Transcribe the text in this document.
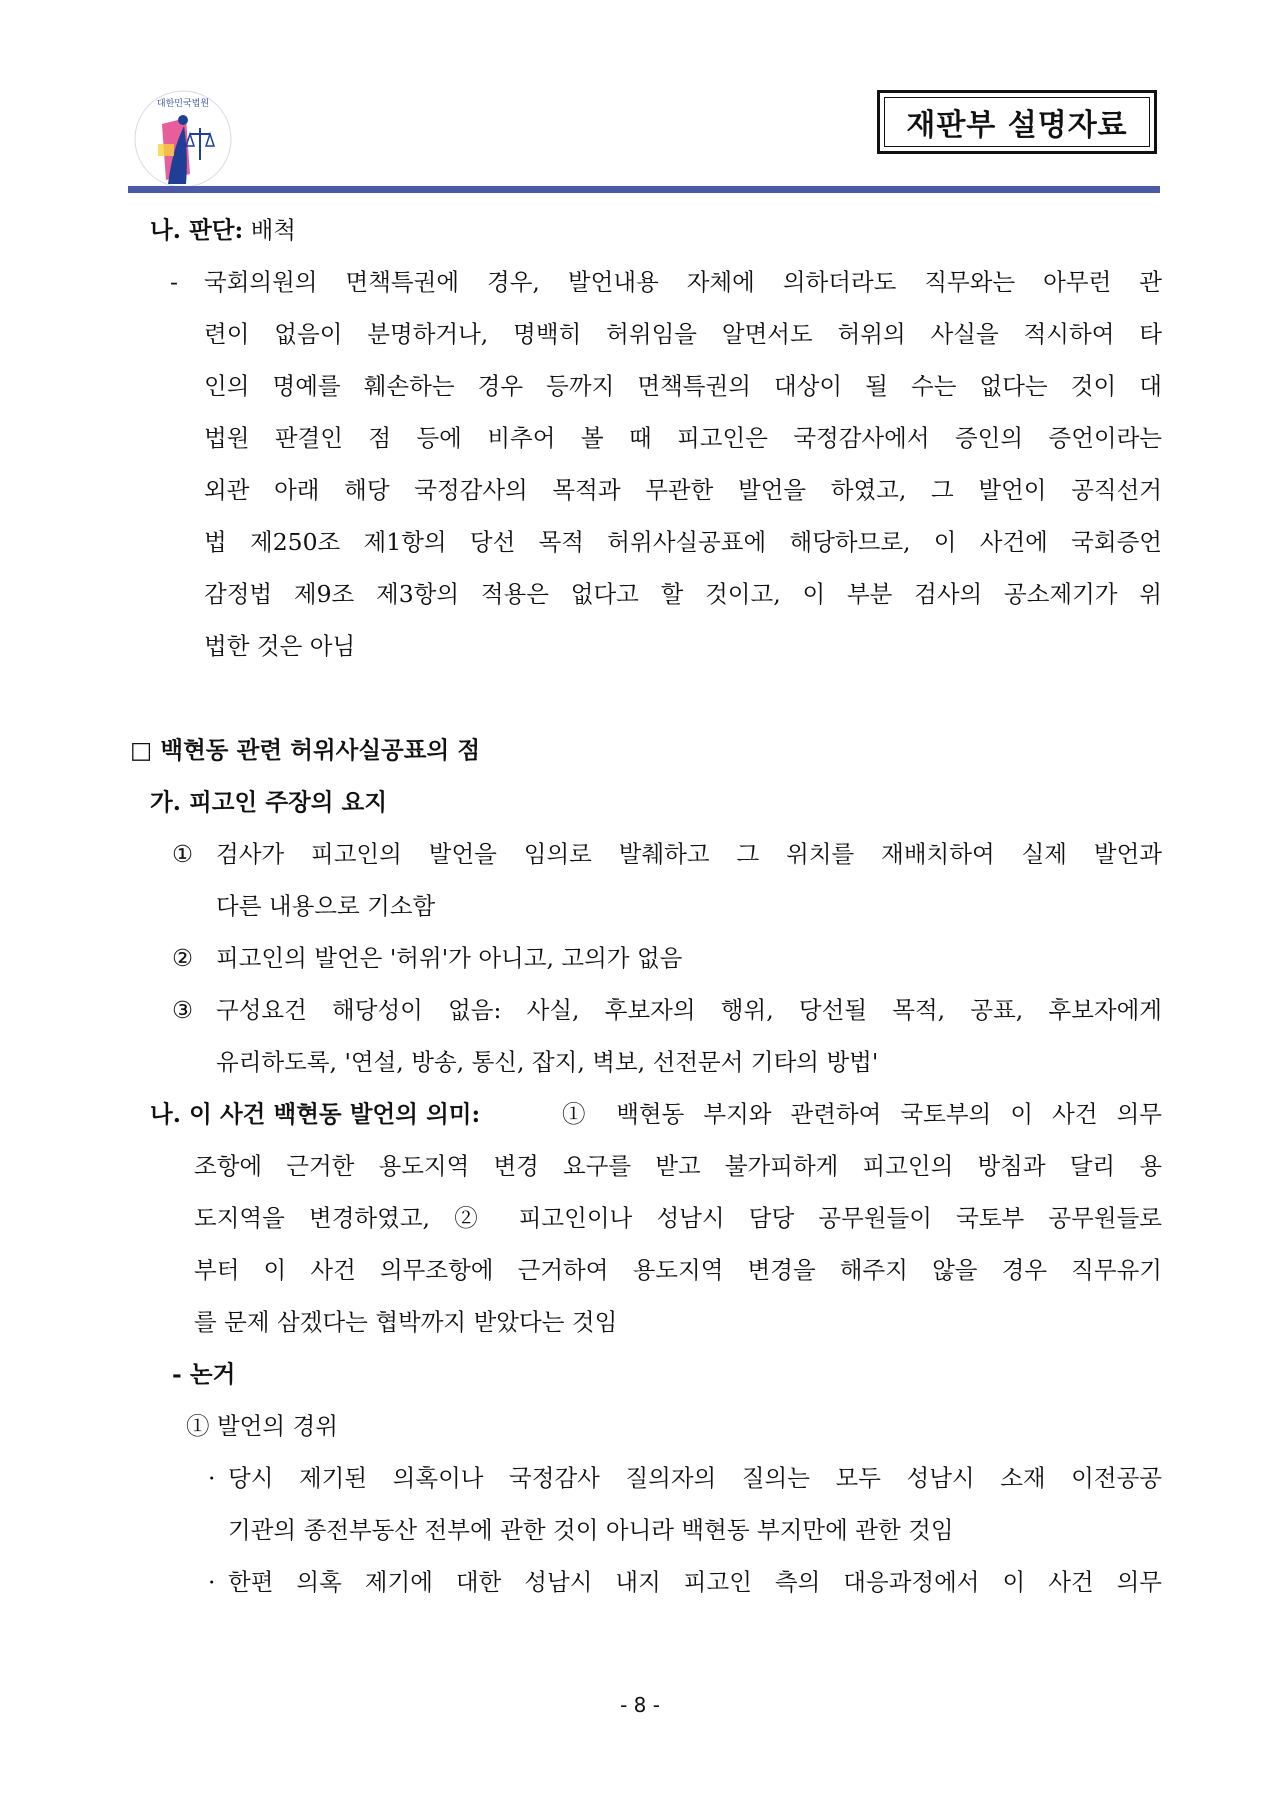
대한민국법원
재판부 설명자료
나. 판단: 배척
- 국회의원의 면책특권에 경우, 발언내용 자체에 의하더라도 직무와는 아무런 관
련이 없음이 분명하거나, 명백히 허위임을 알면서도 허위의 사실을 적시하여 타
인의 명예를 훼손하는 경우 등까지 면책특권의 대상이 될 수는 없다는 것이 대
법원 판결인 점 등에 비추어 볼 때 피고인은 국정감사에서 증인의 증언이라는
외관 아래 해당 국정감사의 목적과 무관한 발언을 하였고, 그 발언이 공직선거
법 제250조 제1항의 당선 목적 허위사실공표에 해당하므로, 이 사건에 국회증언
감정법 제9조 제3항의 적용은 없다고 할 것이고, 이 부분 검사의 공소제기가 위
법한 것은 아님
□ 백현동 관련 허위사실공표의 점
가. 피고인 주장의 요지
① 검사가 피고인의 발언을 임의로 발췌하고 그 위치를 재배치하여 실제 발언과
다른 내용으로 기소함
② 피고인의 발언은 '허위'가 아니고, 고의가 없음
③ 구성요건 해당성이 없음: 사실, 후보자의 행위, 당선될 목적, 공표, 후보자에게
유리하도록, '연설, 방송, 통신, 잡지, 벽보, 선전문서 기타의 방법'
나. 이 사건 백현동 발언의 의미:	① 백현동 부지와 관련하여 국토부의 이 사건 의무
조항에 근거한 용도지역 변경 요구를 받고 불가피하게 피고인의 방침과 달리 용
도지역을 변경하였고, ② 피고인이나 성남시 담당 공무원들이 국토부 공무원들로
부터 이 사건 의무조항에 근거하여 용도지역 변경을 해주지 않을 경우 직무유기
를 문제 삼겠다는 협박까지 받았다는 것임
- 논거
① 발언의 경위
· 당시 제기된 의혹이나 국정감사 질의자의 질의는 모두 성남시 소재 이전공공
기관의 종전부동산 전부에 관한 것이 아니라 백현동 부지만에 관한 것임
· 한편 의혹 제기에 대한 성남시 내지 피고인 측의 대응과정에서 이 사건 의무
- 8 -
